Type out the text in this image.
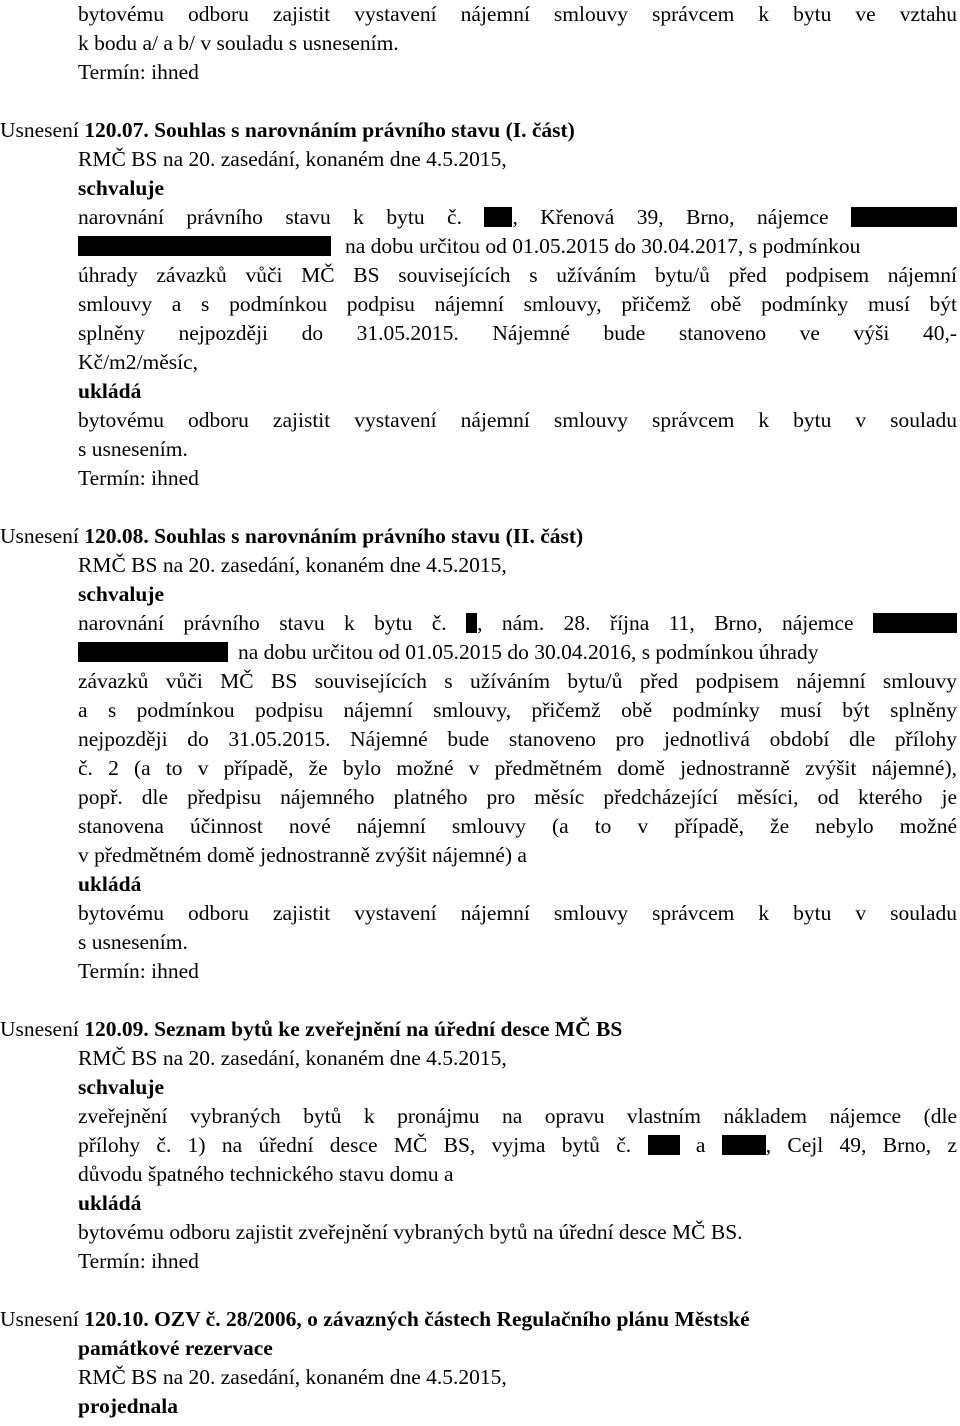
bytovému odboru zajistit vystavení nájemní smlouvy správcem k bytu ve vztahu
k bodu a/ a b/ v souladu s usnesením.
Termín: ihned
Usnesení 120.07. Souhlas s narovnáním právního stavu (I. část)
RMČ BS na 20. zasedání, konaném dne 4.5.2015,
schvaluje
narovnání právního stavu k bytu č. , Křenová 39, Brno, nájemce
na dobu určitou od 01.05.2015 do 30.04.2017, s podmínkou
úhrady závazků vůči MČ BS souvisejících s užíváním bytu/ů před podpisem nájemní
smlouvy a s podmínkou podpisu nájemní smlouvy, přičemž obě podmínky musí být
splněny nejpozději do 31.05.2015. Nájemné bude stanoveno ve výši 40,-
Kč/m2/měsíc,
ukládá
bytovému odboru zajistit vystavení nájemní smlouvy správcem k bytu v souladu
s usnesením.
Termín: ihned
Usnesení 120.08. Souhlas s narovnáním právního stavu (II. část)
RMČ BS na 20. zasedání, konaném dne 4.5.2015,
schvaluje
narovnání právního stavu k bytu č. , nám. 28. října 11, Brno, nájemce
na dobu určitou od 01.05.2015 do 30.04.2016, s podmínkou úhrady
závazků vůči MČ BS souvisejících s užíváním bytu/ů před podpisem nájemní smlouvy
a s podmínkou podpisu nájemní smlouvy, přičemž obě podmínky musí být splněny
nejpozději do 31.05.2015. Nájemné bude stanoveno pro jednotlivá období dle přílohy
č. 2 (a to v případě, že bylo možné v předmětném domě jednostranně zvýšit nájemné),
popř. dle předpisu nájemného platného pro měsíc předcházející měsíci, od kterého je
stanovena účinnost nové nájemní smlouvy (a to v případě, že nebylo možné
v předmětném domě jednostranně zvýšit nájemné) a
ukládá
bytovému odboru zajistit vystavení nájemní smlouvy správcem k bytu v souladu
s usnesením.
Termín: ihned
Usnesení 120.09. Seznam bytů ke zveřejnění na úřední desce MČ BS
RMČ BS na 20. zasedání, konaném dne 4.5.2015,
schvaluje
zveřejnění vybraných bytů k pronájmu na opravu vlastním nákladem nájemce (dle
přílohy č. 1) na úřední desce MČ BS, vyjma bytů č.  a , Cejl 49, Brno, z
důvodu špatného technického stavu domu a
ukládá
bytovému odboru zajistit zveřejnění vybraných bytů na úřední desce MČ BS.
Termín: ihned
Usnesení 120.10. OZV č. 28/2006, o závazných částech Regulačního plánu Městské
památkové rezervace
RMČ BS na 20. zasedání, konaném dne 4.5.2015,
projednala
